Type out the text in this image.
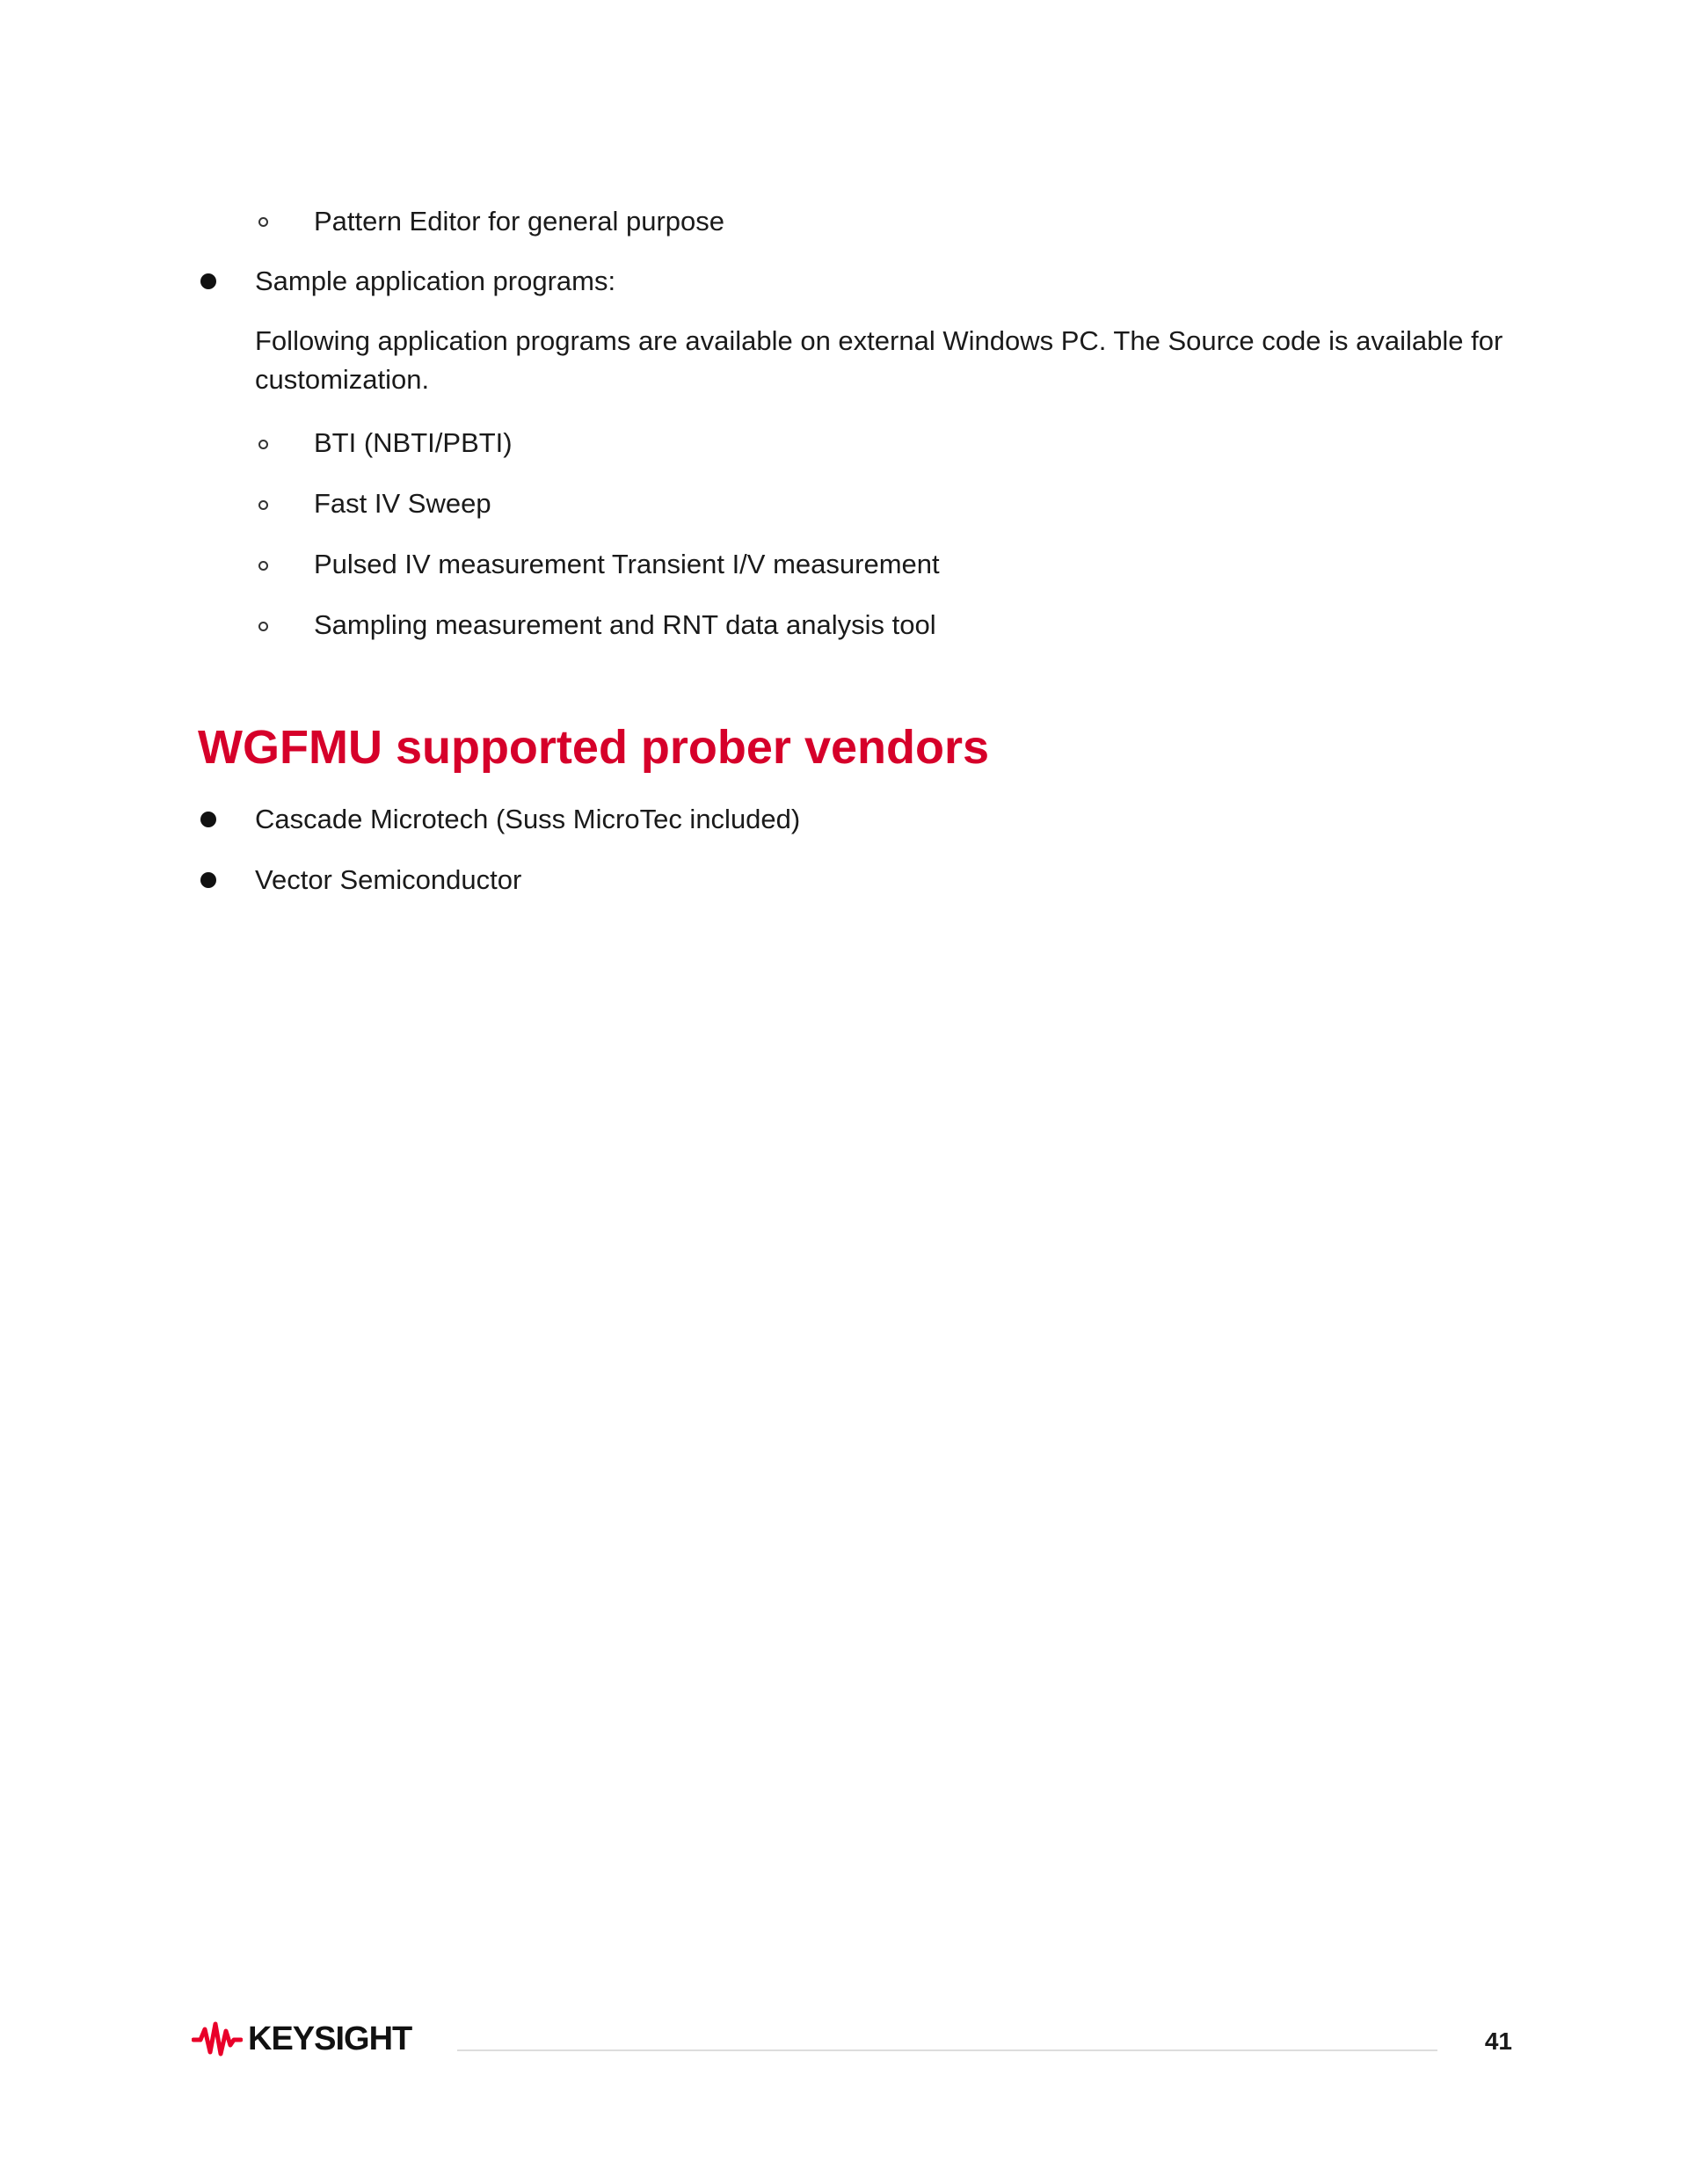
Pattern Editor for general purpose
Sample application programs:
Following application programs are available on external Windows PC. The Source code is available for customization.
BTI (NBTI/PBTI)
Fast IV Sweep
Pulsed IV measurement Transient I/V measurement
Sampling measurement and RNT data analysis tool
WGFMU supported prober vendors
Cascade Microtech (Suss MicroTec included)
Vector Semiconductor
KEYSIGHT	41
